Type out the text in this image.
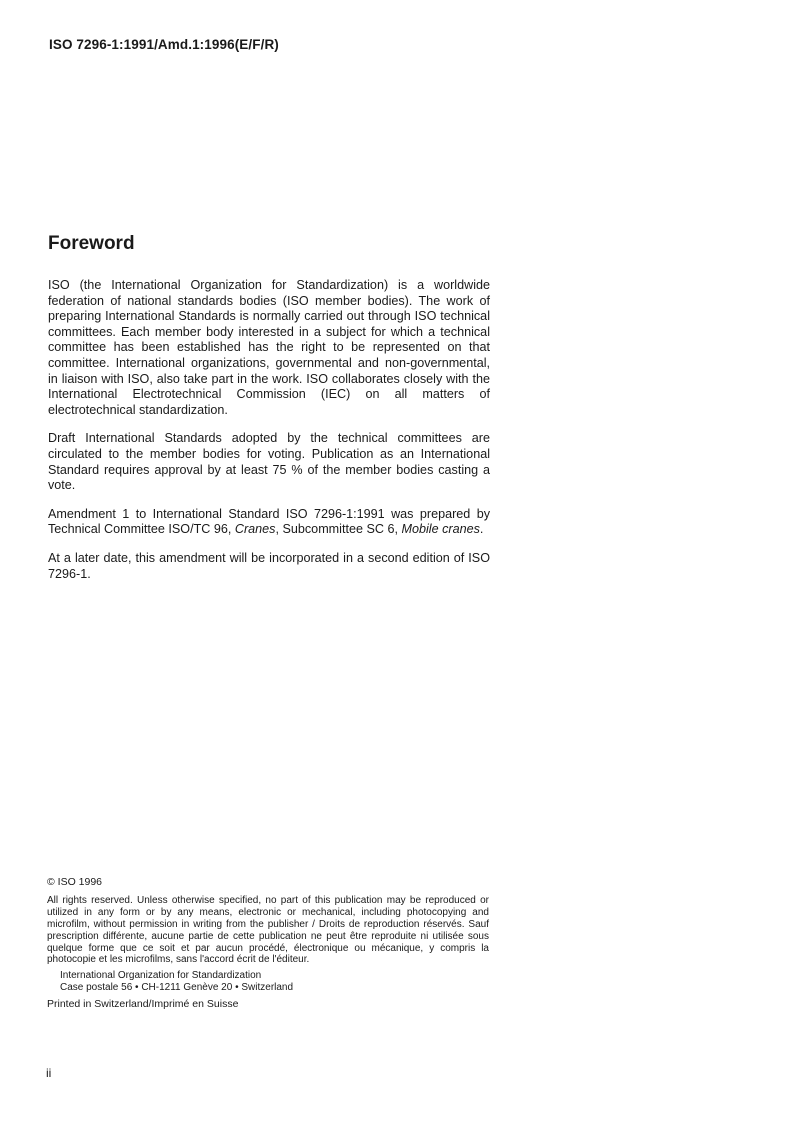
ISO 7296-1:1991/Amd.1:1996(E/F/R)
Foreword

ISO (the International Organization for Standardization) is a worldwide federation of national standards bodies (ISO member bodies). The work of preparing International Standards is normally carried out through ISO technical committees. Each member body interested in a subject for which a technical committee has been established has the right to be represented on that committee. International organizations, governmental and non-governmental, in liaison with ISO, also take part in the work. ISO collaborates closely with the International Electrotechnical Commission (IEC) on all matters of electrotechnical standardization.

Draft International Standards adopted by the technical committees are circulated to the member bodies for voting. Publication as an International Standard requires approval by at least 75 % of the member bodies casting a vote.

Amendment 1 to International Standard ISO 7296-1:1991 was prepared by Technical Committee ISO/TC 96, Cranes, Subcommittee SC 6, Mobile cranes.

At a later date, this amendment will be incorporated in a second edition of ISO 7296-1.

© ISO 1996

All rights reserved. Unless otherwise specified, no part of this publication may be reproduced or utilized in any form or by any means, electronic or mechanical, including photocopying and microfilm, without permission in writing from the publisher / Droits de reproduction réservés. Sauf prescription différente, aucune partie de cette publication ne peut être reproduite ni utilisée sous quelque forme que ce soit et par aucun procédé, électronique ou mécanique, y compris la photocopie et les microfilms, sans l'accord écrit de l'éditeur.

International Organization for Standardization
Case postale 56 • CH-1211 Genève 20 • Switzerland
Printed in Switzerland/Imprimé en Suisse
ii
